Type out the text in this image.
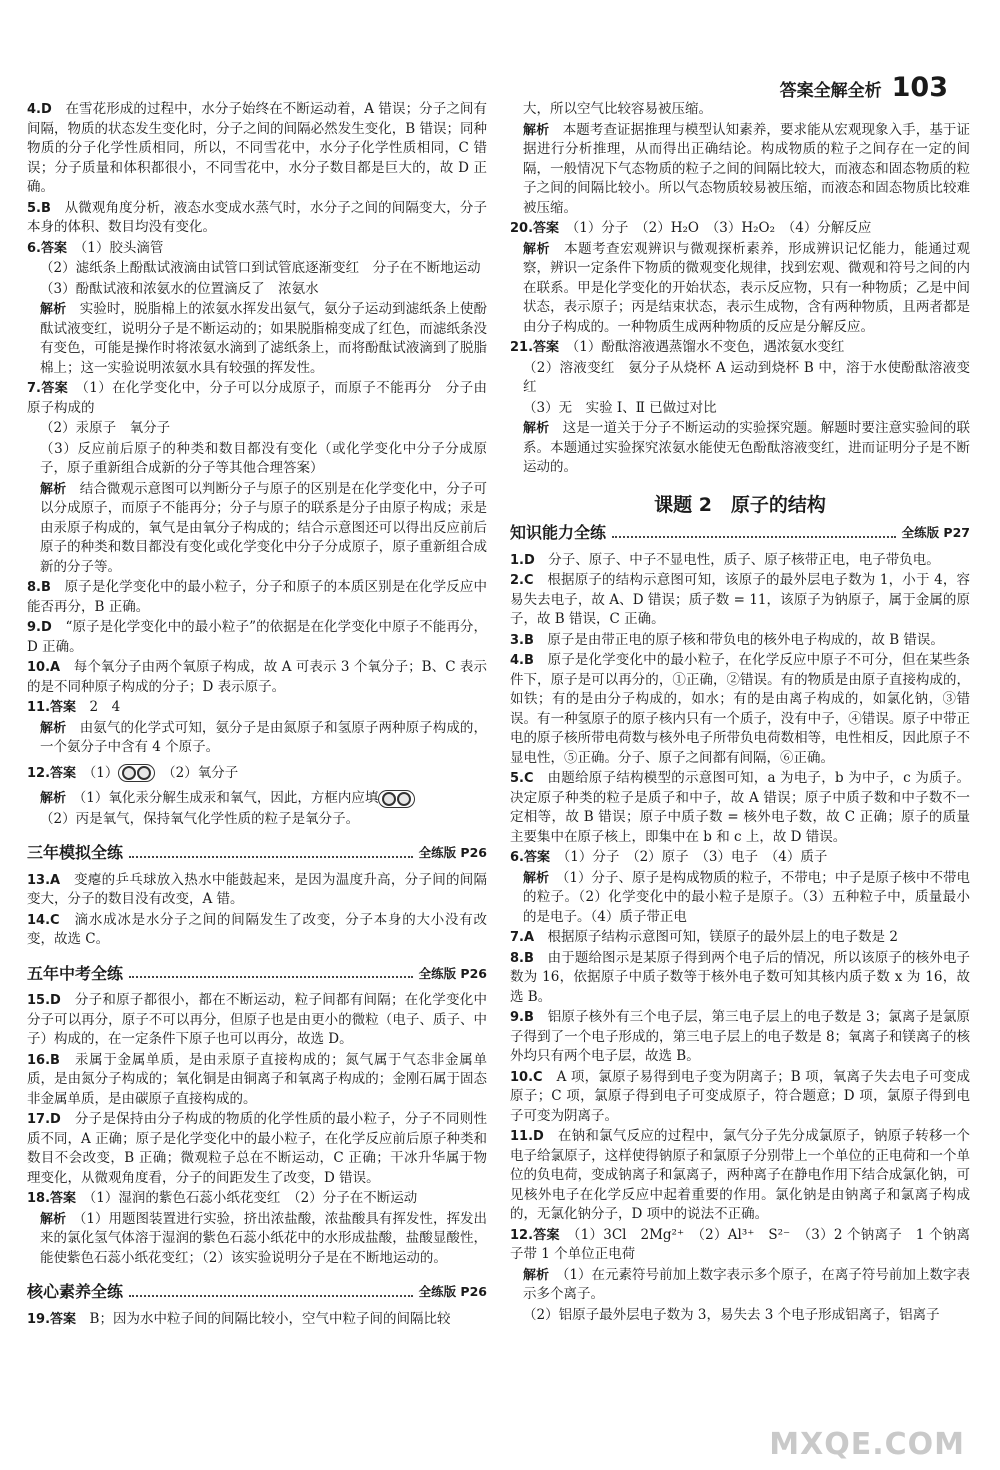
答案全解全析 103

4.D　 在雪花形成的过程中，水分子始终在不断运动着，A 错误；分子之间有间隔，物质的状态发生变化时，分子之间的间隔必然发生变化，B 错误；同种物质的分子化学性质相同，所以，不同雪花中，水分子化学性质相同，C 错误；分子质量和体积都很小，不同雪花中，水分子数目都是巨大的，故 D 正确。

5.B　 从微观角度分析，液态水变成水蒸气时，水分子之间的间隔变大，分子本身的体积、数目均没有变化。

6.答案　 （1）胶头滴管

（2）滤纸条上酚酞试液滴由试管口到试管底逐渐变红　分子在不断地运动

（3）酚酞试液和浓氨水的位置滴反了　浓氨水

解析　 实验时，脱脂棉上的浓氨水挥发出氨气，氨分子运动到滤纸条上使酚酞试液变红，说明分子是不断运动的；如果脱脂棉变成了红色，而滤纸条没有变色，可能是操作时将浓氨水滴到了滤纸条上，而将酚酞试液滴到了脱脂棉上；这一实验说明浓氨水具有较强的挥发性。

7.答案　 （1）在化学变化中，分子可以分成原子，而原子不能再分　分子由原子构成的

（2）汞原子　氧分子

（3）反应前后原子的种类和数目都没有变化（或化学变化中分子分成原子，原子重新组合成新的分子等其他合理答案）

解析　 结合微观示意图可以判断分子与原子的区别是在化学变化中，分子可以分成原子，而原子不能再分；分子与原子的联系是分子由原子构成；汞是由汞原子构成的，氧气是由氧分子构成的；结合示意图还可以得出反应前后原子的种类和数目都没有变化或化学变化中分子分成原子，原子重新组合成新的分子等。

8.B　 原子是化学变化中的最小粒子，分子和原子的本质区别是在化学反应中能否再分，B 正确。

9.D　 “原子是化学变化中的最小粒子”的依据是在化学变化中原子不能再分，D 正确。

10.A　 每个氧分子由两个氧原子构成，故 A 可表示 3 个氧分子；B、C 表示的是不同种原子构成的分子；D 表示原子。

11.答案　 2　4

解析　 由氨气的化学式可知，氨分子是由氮原子和氢原子两种原子构成的，一个氨分子中含有 4 个原子。

12.答案　（1）
　	（2）氧分子

解析　 （1）氧化汞分解生成汞和氧气，因此，方框内应填

（2）丙是氧气，保持氧气化学性质的粒子是氧分子。

三年模拟全练	全练版 P26

13.A　 变瘪的乒乓球放入热水中能鼓起来，是因为温度升高，分子间的间隔变大，分子的数目没有改变，A 错。

14.C　 滴水成冰是水分子之间的间隔发生了改变，分子本身的大小没有改变，故选 C。

五年中考全练	全练版 P26

15.D　 分子和原子都很小，都在不断运动，粒子间都有间隔；在化学变化中分子可以再分，原子不可以再分，但原子也是由更小的微粒（电子、质子、中子）构成的，在一定条件下原子也可以再分，故选 D。

16.B　 汞属于金属单质，是由汞原子直接构成的；氮气属于气态非金属单质，是由氮分子构成的；氧化铜是由铜离子和氧离子构成的；金刚石属于固态非金属单质，是由碳原子直接构成的。

17.D　 分子是保持由分子构成的物质的化学性质的最小粒子，分子不同则性质不同，A 正确；原子是化学变化中的最小粒子，在化学反应前后原子种类和数目不会改变，B 正确；微观粒子总在不断运动，C 正确；干冰升华属于物理变化，从微观角度看，分子的间距发生了改变，D 错误。

18.答案　 （1）湿润的紫色石蕊小纸花变红　（2）分子在不断运动

解析　 （1）用题图装置进行实验，挤出浓盐酸，浓盐酸具有挥发性，挥发出来的氯化氢气体溶于湿润的紫色石蕊小纸花中的水形成盐酸，盐酸显酸性，能使紫色石蕊小纸花变红；（2）该实验说明分子是在不断地运动的。

核心素养全练	全练版 P26

19.答案　 B；因为水中粒子间的间隔比较小，空气中粒子间的间隔比较

大，所以空气比较容易被压缩。

解析　 本题考查证据推理与模型认知素养，要求能从宏观现象入手，基于证据进行分析推理，从而得出正确结论。构成物质的粒子之间存在一定的间隔，一般情况下气态物质的粒子之间的间隔比较大，而液态和固态物质的粒子之间的间隔比较小。所以气态物质较易被压缩，而液态和固态物质比较难被压缩。

20.答案　 （1）分子　（2）H₂O　（3）H₂O₂　（4）分解反应

解析　 本题考查宏观辨识与微观探析素养，形成辨识记忆能力，能通过观察，辨识一定条件下物质的微观变化规律，找到宏观、微观和符号之间的内在联系。甲是化学变化的开始状态，表示反应物，只有一种物质；乙是中间状态，表示原子；丙是结束状态，表示生成物，含有两种物质，且两者都是由分子构成的。一种物质生成两种物质的反应是分解反应。

21.答案　 （1）酚酞溶液遇蒸馏水不变色，遇浓氨水变红

（2）溶液变红　氨分子从烧杯 A 运动到烧杯 B 中，溶于水使酚酞溶液变红

（3）无　实验 Ⅰ、Ⅱ 已做过对比

解析　 这是一道关于分子不断运动的实验探究题。解题时要注意实验间的联系。本题通过实验探究浓氨水能使无色酚酞溶液变红，进而证明分子是不断运动的。

课题 2　原子的结构
知识能力全练	全练版 P27

1.D　 分子、原子、中子不显电性，质子、原子核带正电，电子带负电。

2.C　 根据原子的结构示意图可知，该原子的最外层电子数为 1，小于 4，容易失去电子，故 A、D 错误；质子数 = 11，该原子为钠原子，属于金属的原子，故 B 错误，C 正确。

3.B　 原子是由带正电的原子核和带负电的核外电子构成的，故 B 错误。

4.B　 原子是化学变化中的最小粒子，在化学反应中原子不可分，但在某些条件下，原子是可以再分的，①正确，②错误。有的物质是由原子直接构成的，如铁；有的是由分子构成的，如水；有的是由离子构成的，如氯化钠，③错误。有一种氢原子的原子核内只有一个质子，没有中子，④错误。原子中带正电的原子核所带电荷数与核外电子所带负电荷数相等，电性相反，因此原子不显电性，⑤正确。分子、原子之间都有间隔，⑥正确。

5.C　 由题给原子结构模型的示意图可知，a 为电子，b 为中子，c 为质子。决定原子种类的粒子是质子和中子，故 A 错误；原子中质子数和中子数不一定相等，故 B 错误；原子中质子数 = 核外电子数，故 C 正确；原子的质量主要集中在原子核上，即集中在 b 和 c 上，故 D 错误。

6.答案　 （1）分子　（2）原子　（3）电子　（4）质子

解析　 （1）分子、原子是构成物质的粒子，不带电；中子是原子核中不带电的粒子。（2）化学变化中的最小粒子是原子。（3）五种粒子中，质量最小的是电子。（4）质子带正电

7.A　 根据原子结构示意图可知，镁原子的最外层上的电子数是 2

8.B　 由于题给图示是某原子得到两个电子后的情况，所以该原子的核外电子数为 16，依据原子中质子数等于核外电子数可知其核内质子数 x 为 16，故选 B。

9.B　 铝原子核外有三个电子层，第三电子层上的电子数是 3；氯离子是氯原子得到了一个电子形成的，第三电子层上的电子数是 8；氧离子和镁离子的核外均只有两个电子层，故选 B。

10.C　 A 项，氯原子易得到电子变为阴离子；B 项，氧离子失去电子可变成原子；C 项，氯原子得到电子可变成原子，符合题意；D 项，氯原子得到电子可变为阴离子。

11.D　 在钠和氯气反应的过程中，氯气分子先分成氯原子，钠原子转移一个电子给氯原子，这样使得钠原子和氯原子分别带上一个单位的正电荷和一个单位的负电荷，变成钠离子和氯离子，两种离子在静电作用下结合成氯化钠，可见核外电子在化学反应中起着重要的作用。氯化钠是由钠离子和氯离子构成的，无氯化钠分子，D 项中的说法不正确。

12.答案　 （1）3Cl　2Mg²⁺　（2）Al³⁺　S²⁻　（3）2 个钠离子　1 个钠离子带 1 个单位正电荷

解析　 （1）在元素符号前加上数字表示多个原子，在离子符号前加上数字表示多个离子。

（2）铝原子最外层电子数为 3，易失去 3 个电子形成铝离子，铝离子

MXQE.COM
